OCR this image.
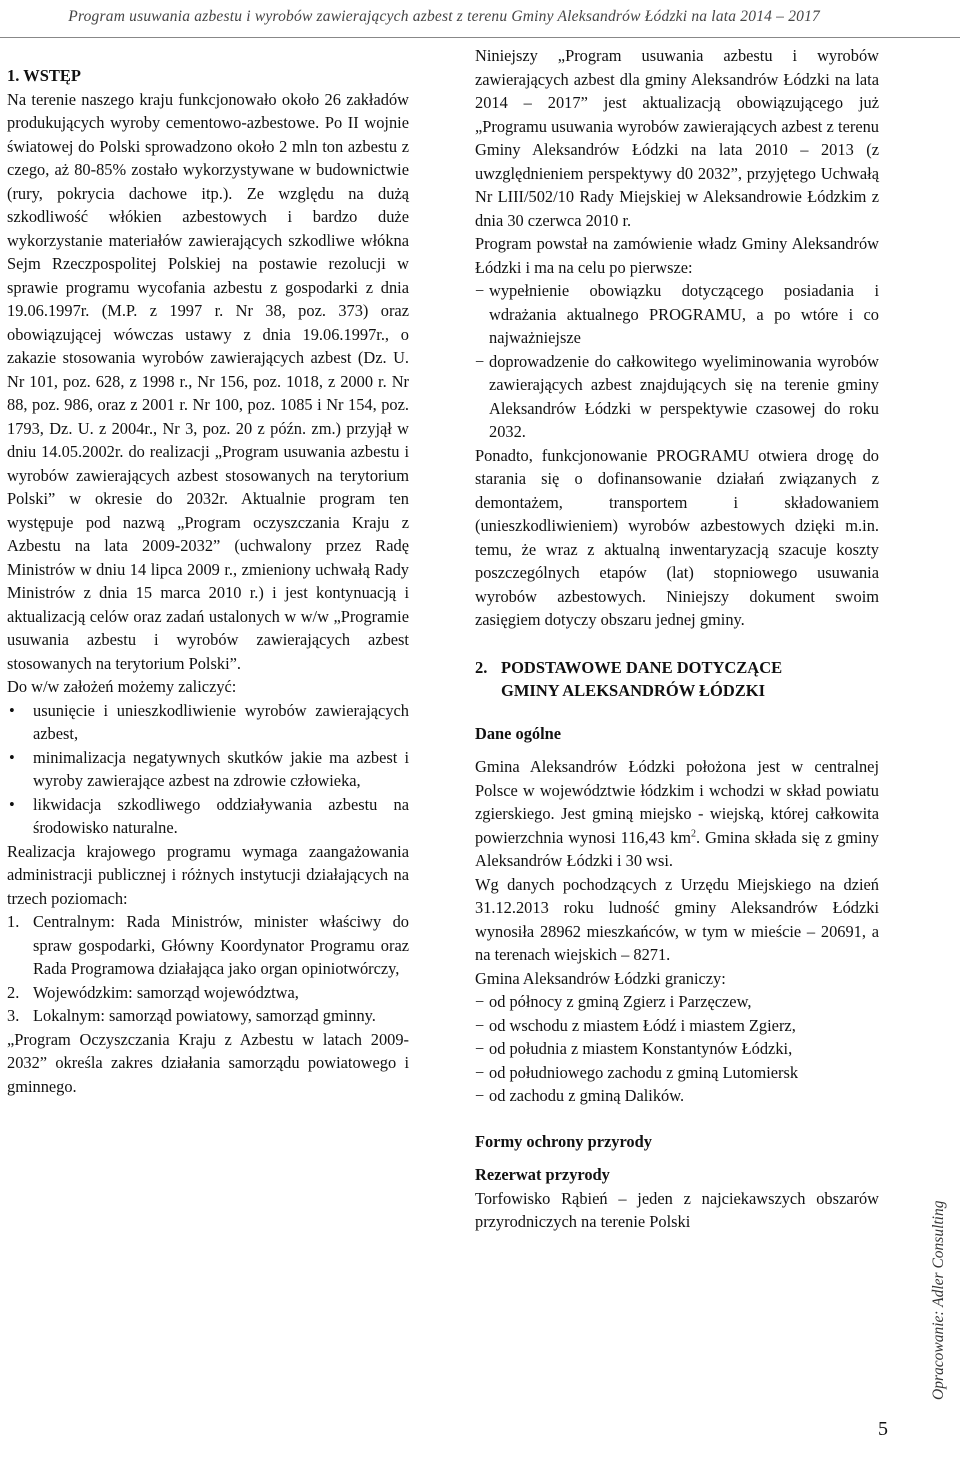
Program usuwania azbestu i wyrobów zawierających azbest z terenu Gminy Aleksandrów Łódzki na lata 2014 – 2017
1. WSTĘP

Na terenie naszego kraju funkcjonowało około 26 zakładów produkujących wyroby cementowo-azbestowe. Po II wojnie światowej do Polski sprowadzono około 2 mln ton azbestu z czego, aż 80-85% zostało wykorzystywane w budownictwie (rury, pokrycia dachowe itp.). Ze względu na dużą szkodliwość włókien azbestowych i bardzo duże wykorzystanie materiałów zawierających szkodliwe włókna Sejm Rzeczpospolitej Polskiej na postawie rezolucji w sprawie programu wycofania azbestu z gospodarki z dnia 19.06.1997r. (M.P. z 1997 r. Nr 38, poz. 373) oraz obowiązującej wówczas ustawy z dnia 19.06.1997r., o zakazie stosowania wyrobów zawierających azbest (Dz. U. Nr 101, poz. 628, z 1998 r., Nr 156, poz. 1018, z 2000 r. Nr 88, poz. 986, oraz z 2001 r. Nr 100, poz. 1085 i Nr 154, poz. 1793, Dz. U. z 2004r., Nr 3, poz. 20 z późn. zm.) przyjął w dniu 14.05.2002r. do realizacji „Program usuwania azbestu i wyrobów zawierających azbest stosowanych na terytorium Polski” w okresie do 2032r. Aktualnie program ten występuje pod nazwą „Program oczyszczania Kraju z Azbestu na lata 2009-2032” (uchwalony przez Radę Ministrów w dniu 14 lipca 2009 r., zmieniony uchwałą Rady Ministrów z dnia 15 marca 2010 r.) i jest kontynuacją i aktualizacją celów oraz zadań ustalonych w w/w „Programie usuwania azbestu i wyrobów zawierających azbest stosowanych na terytorium Polski”.

Do w/w założeń możemy zaliczyć:

• usunięcie i unieszkodliwienie wyrobów zawierających azbest,
• minimalizacja negatywnych skutków jakie ma azbest i wyroby zawierające azbest na zdrowie człowieka,
• likwidacja szkodliwego oddziaływania azbestu na środowisko naturalne.

Realizacja krajowego programu wymaga zaangażowania administracji publicznej i różnych instytucji działających na trzech poziomach:

1. Centralnym: Rada Ministrów, minister właściwy do spraw gospodarki, Główny Koordynator Programu oraz Rada Programowa działająca jako organ opiniotwórczy,
2. Wojewódzkim: samorząd województwa,
3. Lokalnym: samorząd powiatowy, samorząd gminny.

„Program Oczyszczania Kraju z Azbestu w latach 2009-2032” określa zakres działania samorządu powiatowego i gminnego.

Niniejszy „Program usuwania azbestu i wyrobów zawierających azbest dla gminy Aleksandrów Łódzki na lata 2014 – 2017” jest aktualizacją obowiązującego już „Programu usuwania wyrobów zawierających azbest z terenu Gminy Aleksandrów Łódzki na lata 2010 – 2013 (z uwzględnieniem perspektywy d0 2032”, przyjętego Uchwałą Nr LIII/502/10 Rady Miejskiej w Aleksandrowie Łódzkim z dnia 30 czerwca 2010 r.

Program powstał na zamówienie władz Gminy Aleksandrów Łódzki i ma na celu po pierwsze:

− wypełnienie obowiązku dotyczącego posiadania i wdrażania aktualnego PROGRAMU, a po wtóre i co najważniejsze
− doprowadzenie do całkowitego wyeliminowania wyrobów zawierających azbest znajdujących się na terenie gminy Aleksandrów Łódzki w perspektywie czasowej do roku 2032.

Ponadto, funkcjonowanie PROGRAMU otwiera drogę do starania się o dofinansowanie działań związanych z demontażem, transportem i składowaniem (unieszkodliwieniem) wyrobów azbestowych dzięki m.in. temu, że wraz z aktualną inwentaryzacją szacuje koszty poszczególnych etapów (lat) stopniowego usuwania wyrobów azbestowych. Niniejszy dokument swoim zasięgiem dotyczy obszaru jednej gminy.

2. PODSTAWOWE DANE DOTYCZĄCE
GMINY ALEKSANDRÓW ŁÓDZKI
Dane ogólne

Gmina Aleksandrów Łódzki położona jest w centralnej Polsce w województwie łódzkim i wchodzi w skład powiatu zgierskiego. Jest gminą miejsko - wiejską, której całkowita powierzchnia wynosi 116,43 $km^2$. Gmina składa się z gminy Aleksandrów Łódzki i 30 wsi.

Wg danych pochodzących z Urzędu Miejskiego na dzień 31.12.2013 roku ludność gminy Aleksandrów Łódzki wynosiła 28962 mieszkańców, w tym w mieście – 20691, a na terenach wiejskich – 8271.

Gmina Aleksandrów Łódzki graniczy:

− od północy z gminą Zgierz i Parzęczew,
− od wschodu z miastem Łódź i miastem Zgierz,
− od południa z miastem Konstantynów Łódzki,
− od południowego zachodu z gminą Lutomiersk
− od zachodu z gminą Dalików.
Formy ochrony przyrody
Rezerwat przyrody

Torfowisko Rąbień – jeden z najciekawszych obszarów przyrodniczych na terenie Polski	Opracowanie: Adler Consulting
5
